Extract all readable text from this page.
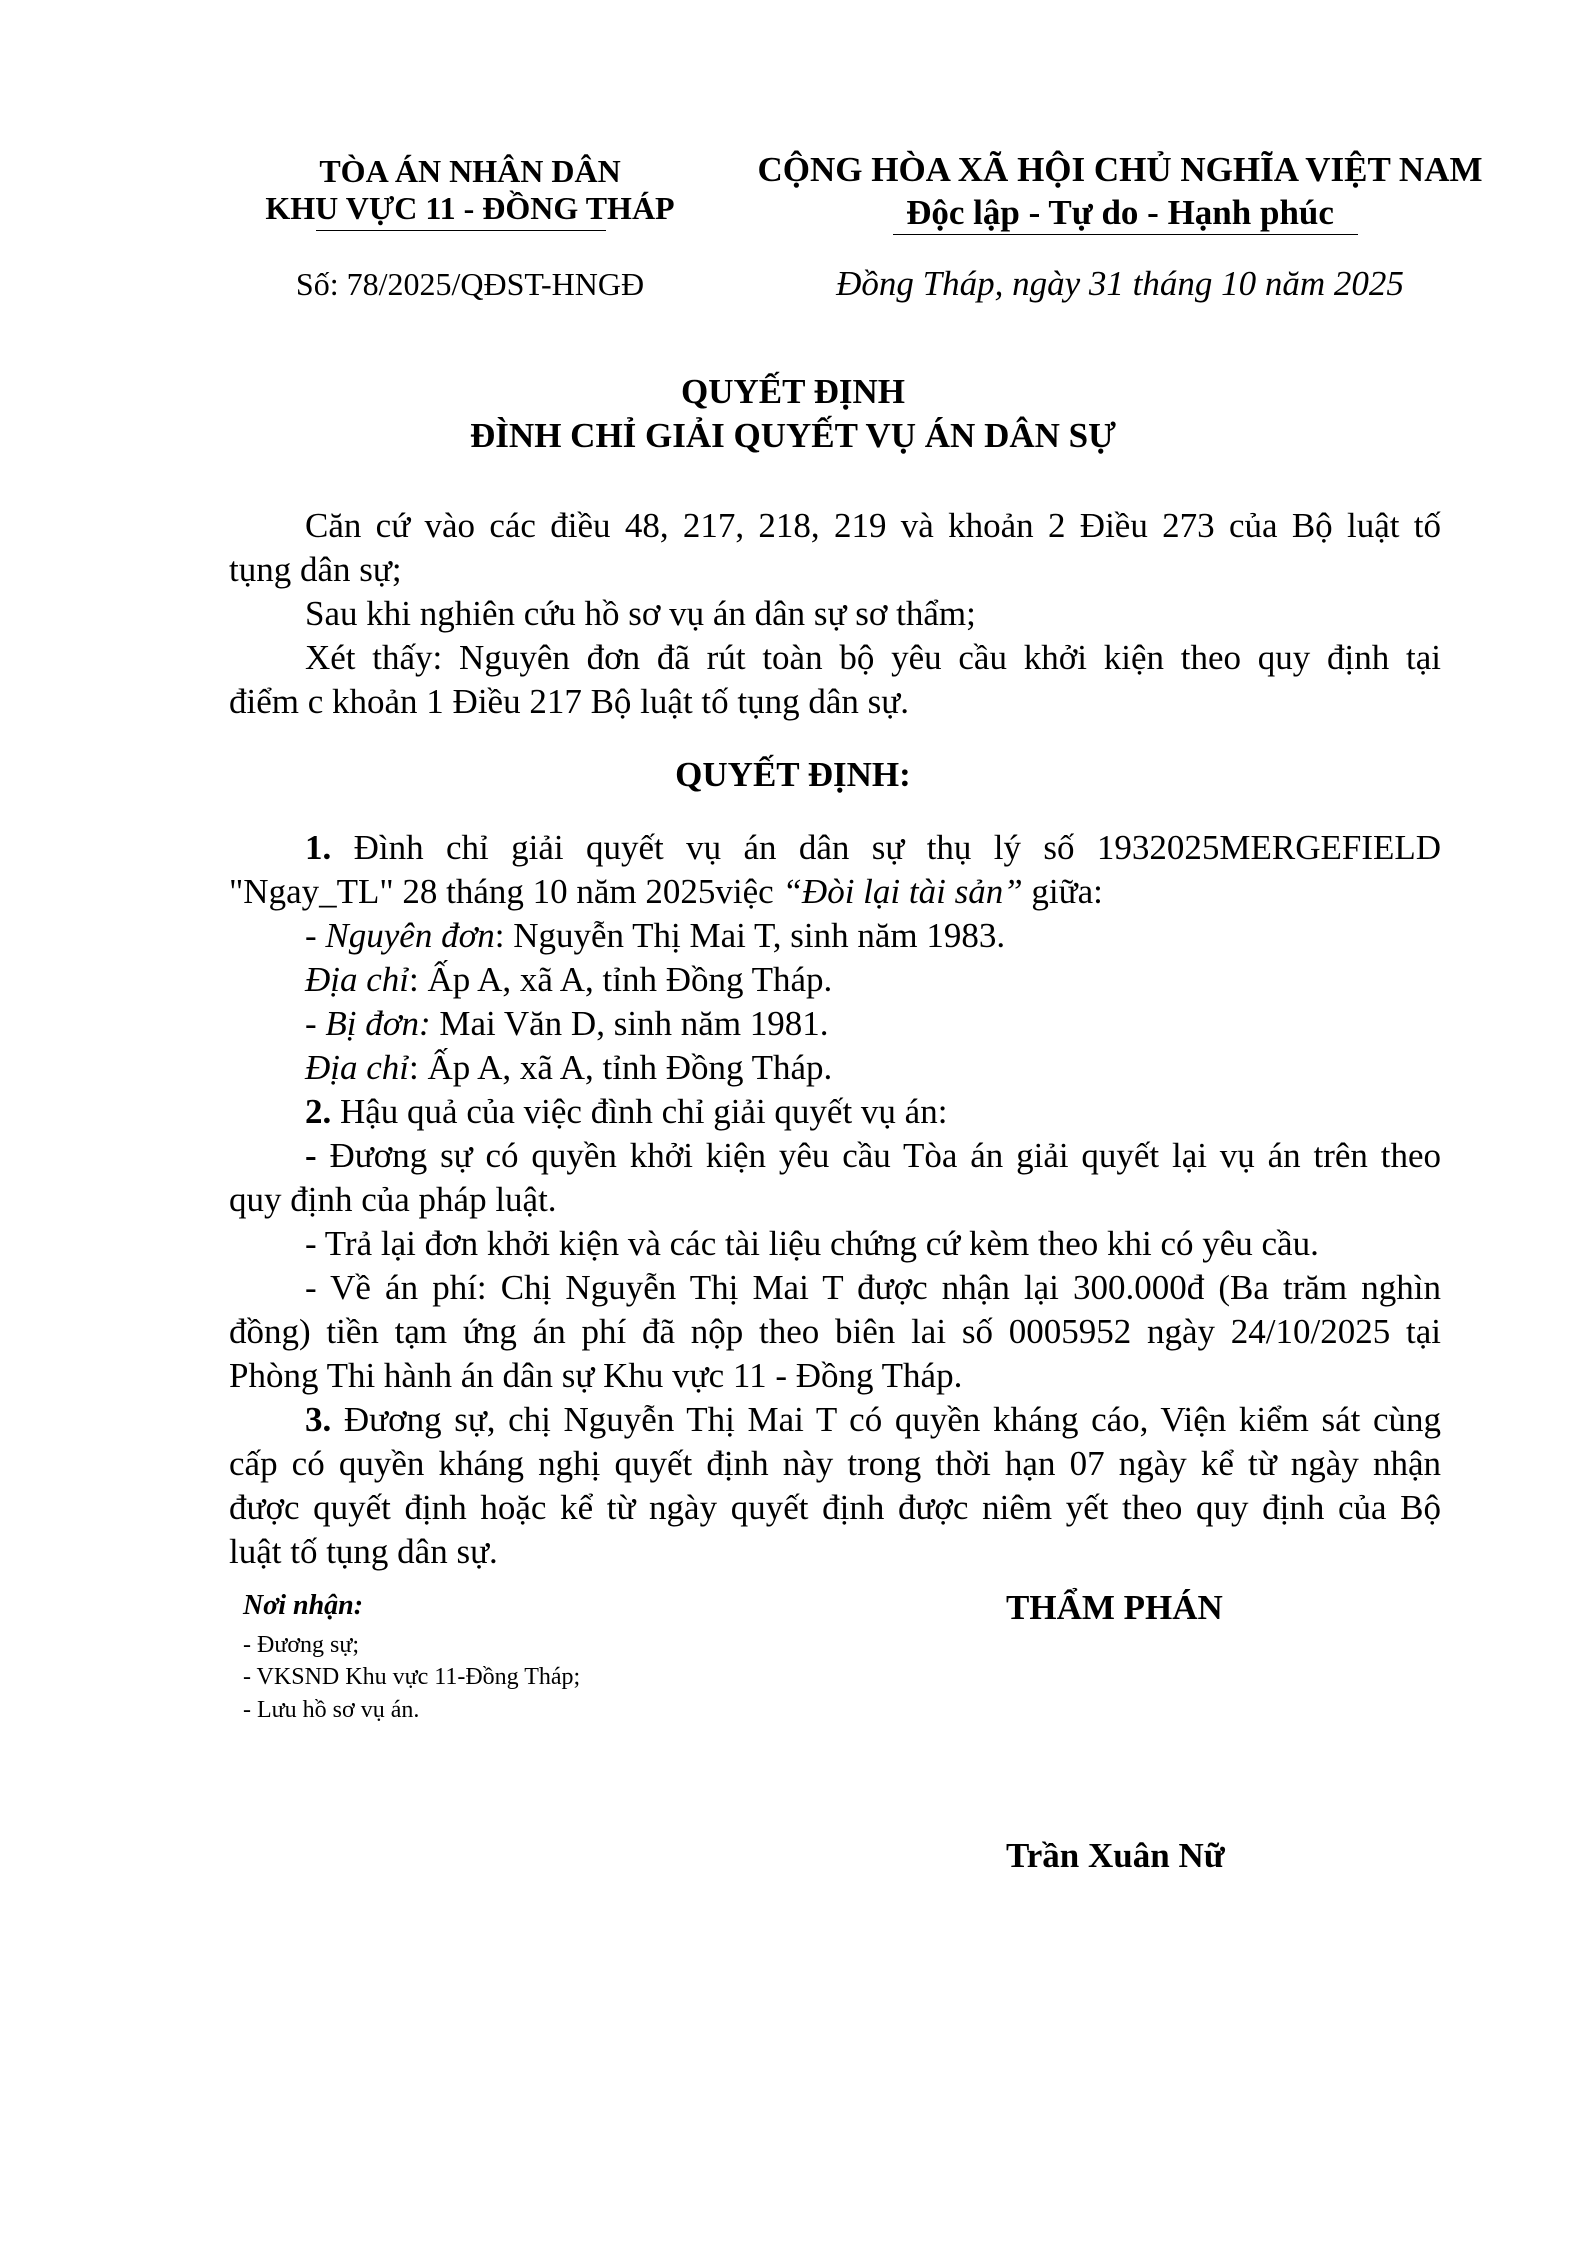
TÒA ÁN NHÂN DÂN
KHU VỰC 11 - ĐỒNG THÁP
CỘNG HÒA XÃ HỘI CHỦ NGHĨA VIỆT NAM
Độc lập - Tự do - Hạnh phúc
Số: 78/2025/QĐST-HNGĐ	Đồng Tháp, ngày 31 tháng 10 năm 2025
QUYẾT ĐỊNH
ĐÌNH CHỈ GIẢI QUYẾT VỤ ÁN DÂN SỰ
Căn cứ vào các điều 48, 217, 218, 219 và khoản 2 Điều 273 của Bộ luật tố
tụng dân sự;
Sau khi nghiên cứu hồ sơ vụ án dân sự sơ thẩm;
Xét thấy: Nguyên đơn đã rút toàn bộ yêu cầu khởi kiện theo quy định tại
điểm c khoản 1 Điều 217 Bộ luật tố tụng dân sự.
QUYẾT ĐỊNH:
1. Đình chỉ giải quyết vụ án dân sự thụ lý số 1932025MERGEFIELD
"Ngay_TL" 28 tháng 10 năm 2025việc “Đòi lại tài sản” giữa:
- Nguyên đơn: Nguyễn Thị Mai T, sinh năm 1983.
Địa chỉ: Ấp A, xã A, tỉnh Đồng Tháp.
- Bị đơn: Mai Văn D, sinh năm 1981.
Địa chỉ: Ấp A, xã A, tỉnh Đồng Tháp.
2. Hậu quả của việc đình chỉ giải quyết vụ án:
- Đương sự có quyền khởi kiện yêu cầu Tòa án giải quyết lại vụ án trên theo
quy định của pháp luật.
- Trả lại đơn khởi kiện và các tài liệu chứng cứ kèm theo khi có yêu cầu.
- Về án phí: Chị Nguyễn Thị Mai T được nhận lại 300.000đ (Ba trăm nghìn
đồng) tiền tạm ứng án phí đã nộp theo biên lai số 0005952 ngày 24/10/2025 tại
Phòng Thi hành án dân sự Khu vực 11 - Đồng Tháp.
3. Đương sự, chị Nguyễn Thị Mai T có quyền kháng cáo, Viện kiểm sát cùng
cấp có quyền kháng nghị quyết định này trong thời hạn 07 ngày kể từ ngày nhận
được quyết định hoặc kể từ ngày quyết định được niêm yết theo quy định của Bộ
luật tố tụng dân sự.
Nơi nhận:
- Đương sự;
- VKSND Khu vực 11-Đồng Tháp;
- Lưu hồ sơ vụ án.
THẨM PHÁN
Trần Xuân Nữ
